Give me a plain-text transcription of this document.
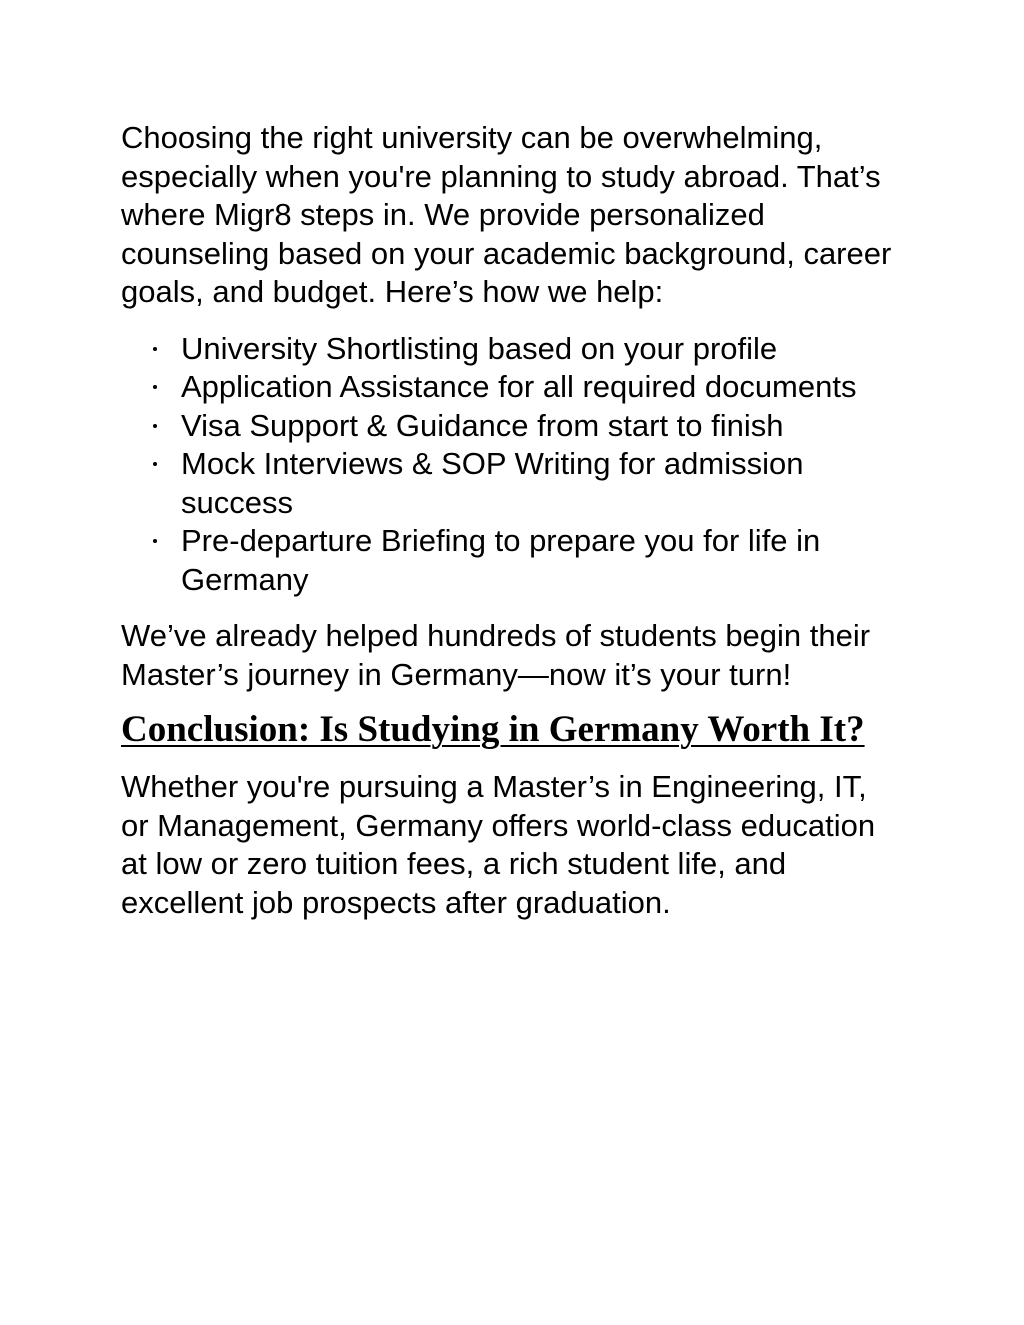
Choosing the right university can be overwhelming, especially when you're planning to study abroad. That’s where Migr8 steps in. We provide personalized counseling based on your academic background, career goals, and budget. Here’s how we help:

University Shortlisting based on your profile
Application Assistance for all required documents
Visa Support & Guidance from start to finish
Mock Interviews & SOP Writing for admission success
Pre-departure Briefing to prepare you for life in Germany

We’ve already helped hundreds of students begin their Master’s journey in Germany—now it’s your turn!

Conclusion: Is Studying in Germany Worth It?

Whether you're pursuing a Master’s in Engineering, IT, or Management, Germany offers world-class education at low or zero tuition fees, a rich student life, and excellent job prospects after graduation.
